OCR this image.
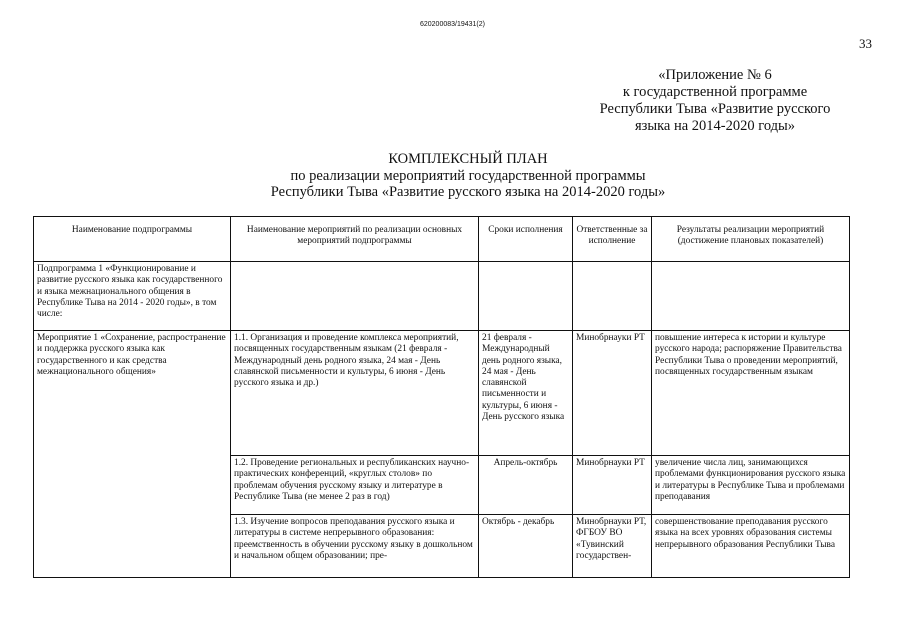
620200083/19431(2)
33
«Приложение № 6
к государственной программе
Республики Тыва «Развитие русского
языка на 2014-2020 годы»
КОМПЛЕКСНЫЙ ПЛАН
по реализации мероприятий государственной программы
Республики Тыва «Развитие русского языка на 2014-2020 годы»
Наименование подпрограммы	Наименование мероприятий по реализации основных мероприятий подпрограммы	Сроки исполнения	Ответственные за исполнение	Результаты реализации мероприятий (достижение плановых показателей)
Подпрограмма 1 «Функционирование и развитие русского языка как государственного и языка межнационального общения в Республике Тыва на 2014 - 2020 годы», в том числе:				
Мероприятие 1 «Сохранение, распространение и поддержка русского языка как государственного и как средства межнационального общения»	1.1. Организация и проведение комплекса мероприятий, посвященных государственным языкам (21 февраля - Международный день родного языка, 24 мая - День славянской письменности и культуры, 6 июня - День русского языка и др.)	21 февраля - Международный день родного языка, 24 мая - День славянской письменности и культуры, 6 июня - День русского языка	Минобрнауки РТ	повышение интереса к истории и культуре русского народа; распоряжение Правительства Республики Тыва о проведении мероприятий, посвященных государственным языкам
	1.2. Проведение региональных и республиканских научно-практических конференций, «круглых столов» по проблемам обучения русскому языку и литературе в Республике Тыва (не менее 2 раз в год)	Апрель-октябрь	Минобрнауки РТ	увеличение числа лиц, занимающихся проблемами функционирования русского языка и литературы в Республике Тыва и проблемами преподавания
	1.3. Изучение вопросов преподавания русского языка и литературы в системе непрерывного образования: преемственность в обучении русскому языку в дошкольном и начальном общем образовании; пре-	Октябрь - декабрь	Минобрнауки РТ, ФГБОУ ВО «Тувинский государствен-	совершенствование преподавания русского языка на всех уровнях образования системы непрерывного образования Республики Тыва
